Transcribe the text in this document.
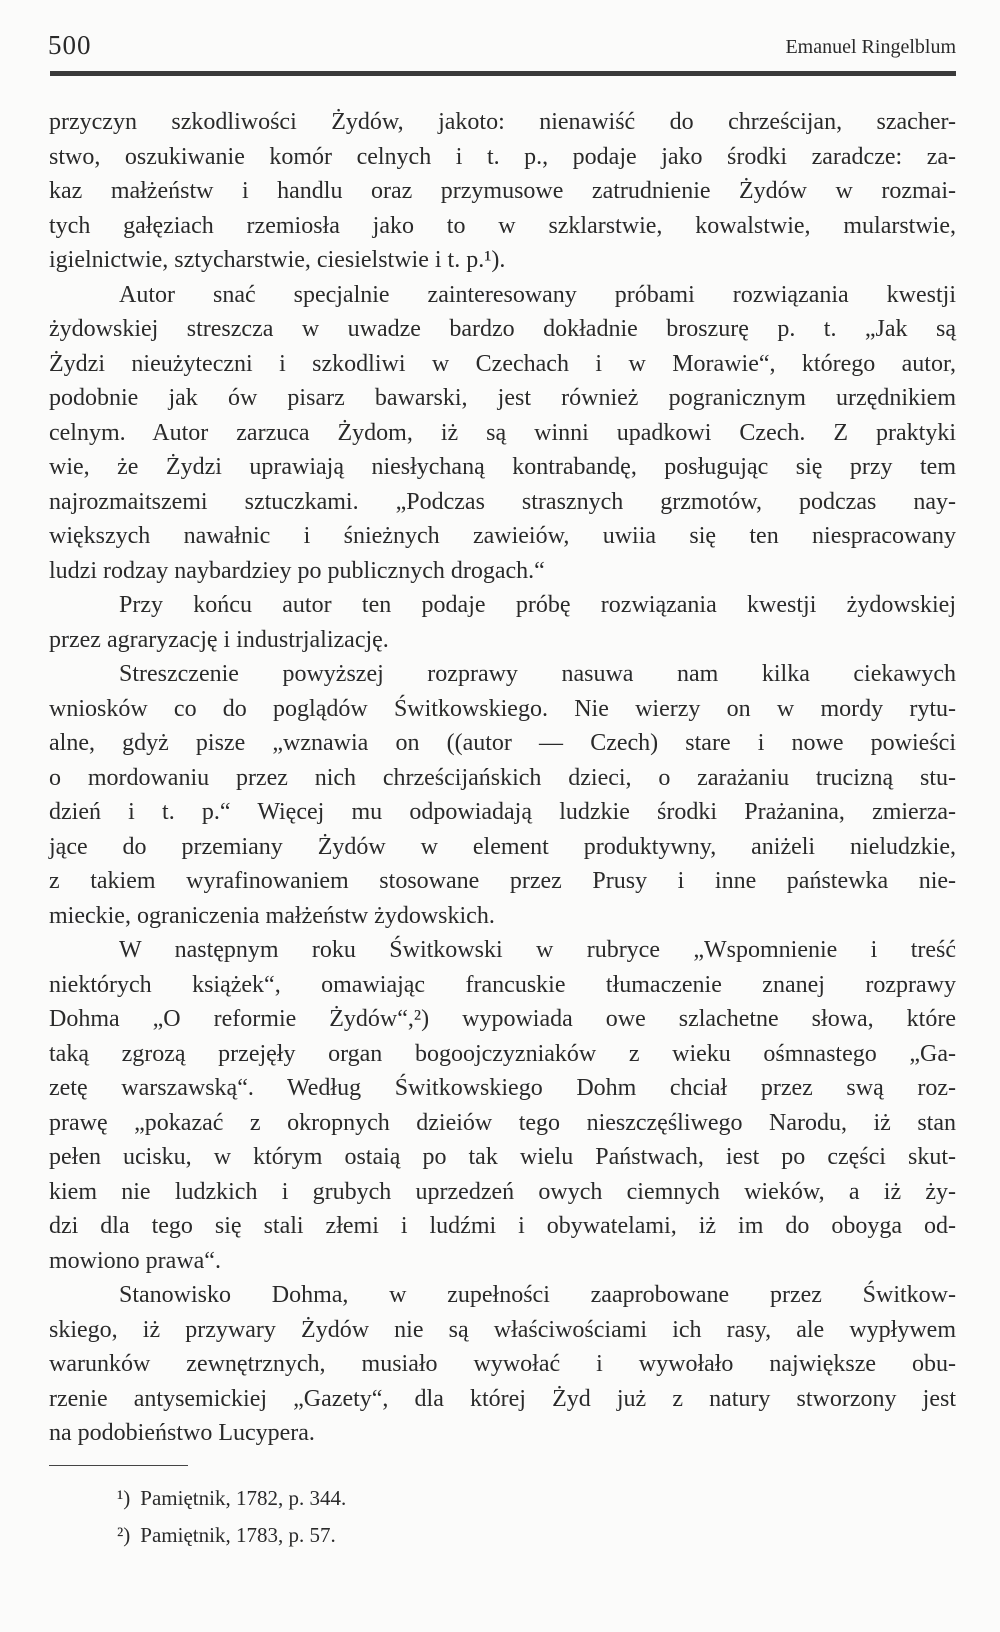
500	Emanuel Ringelblum
przyczyn szkodliwości Żydów, jakoto: nienawiść do chrześcijan, szacher-
stwo, oszukiwanie komór celnych i t. p., podaje jako środki zaradcze: za-
kaz małżeństw i handlu oraz przymusowe zatrudnienie Żydów w rozmai-
tych gałęziach rzemiosła jako to w szklarstwie, kowalstwie, mularstwie,
igielnictwie, sztycharstwie, ciesielstwie i t. p.¹).
Autor snać specjalnie zainteresowany próbami rozwiązania kwestji
żydowskiej streszcza w uwadze bardzo dokładnie broszurę p. t. „Jak są
Żydzi nieużyteczni i szkodliwi w Czechach i w Morawie“, którego autor,
podobnie jak ów pisarz bawarski, jest również pogranicznym urzędnikiem
celnym. Autor zarzuca Żydom, iż są winni upadkowi Czech. Z praktyki
wie, że Żydzi uprawiają niesłychaną kontrabandę, posługując się przy tem
najrozmaitszemi sztuczkami. „Podczas strasznych grzmotów, podczas nay-
większych nawałnic i śnieżnych zawieiów, uwiia się ten niespracowany
ludzi rodzay naybardziey po publicznych drogach.“
Przy końcu autor ten podaje próbę rozwiązania kwestji żydowskiej
przez agraryzację i industrjalizację.
Streszczenie powyższej rozprawy nasuwa nam kilka ciekawych
wniosków co do poglądów Świtkowskiego. Nie wierzy on w mordy rytu-
alne, gdyż pisze „wznawia on ((autor — Czech) stare i nowe powieści
o mordowaniu przez nich chrześcijańskich dzieci, o zarażaniu trucizną stu-
dzień i t. p.“ Więcej mu odpowiadają ludzkie środki Prażanina, zmierza-
jące do przemiany Żydów w element produktywny, aniżeli nieludzkie,
z takiem wyrafinowaniem stosowane przez Prusy i inne państewka nie-
mieckie, ograniczenia małżeństw żydowskich.
W następnym roku Świtkowski w rubryce „Wspomnienie i treść
niektórych książek“, omawiając francuskie tłumaczenie znanej rozprawy
Dohma „O reformie Żydów“,²) wypowiada owe szlachetne słowa, które
taką zgrozą przejęły organ bogoojczyzniaków z wieku ośmnastego „Ga-
zetę warszawską“. Według Świtkowskiego Dohm chciał przez swą roz-
prawę „pokazać z okropnych dzieiów tego nieszczęśliwego Narodu, iż stan
pełen ucisku, w którym ostaią po tak wielu Państwach, iest po części skut-
kiem nie ludzkich i grubych uprzedzeń owych ciemnych wieków, a iż ży-
dzi dla tego się stali złemi i ludźmi i obywatelami, iż im do oboyga od-
mowiono prawa“.
Stanowisko Dohma, w zupełności zaaprobowane przez Świtkow-
skiego, iż przywary Żydów nie są właściwościami ich rasy, ale wypływem
warunków zewnętrznych, musiało wywołać i wywołało największe obu-
rzenie antysemickiej „Gazety“, dla której Żyd już z natury stworzony jest
na podobieństwo Lucypera.
¹) Pamiętnik, 1782, p. 344.
²) Pamiętnik, 1783, p. 57.
